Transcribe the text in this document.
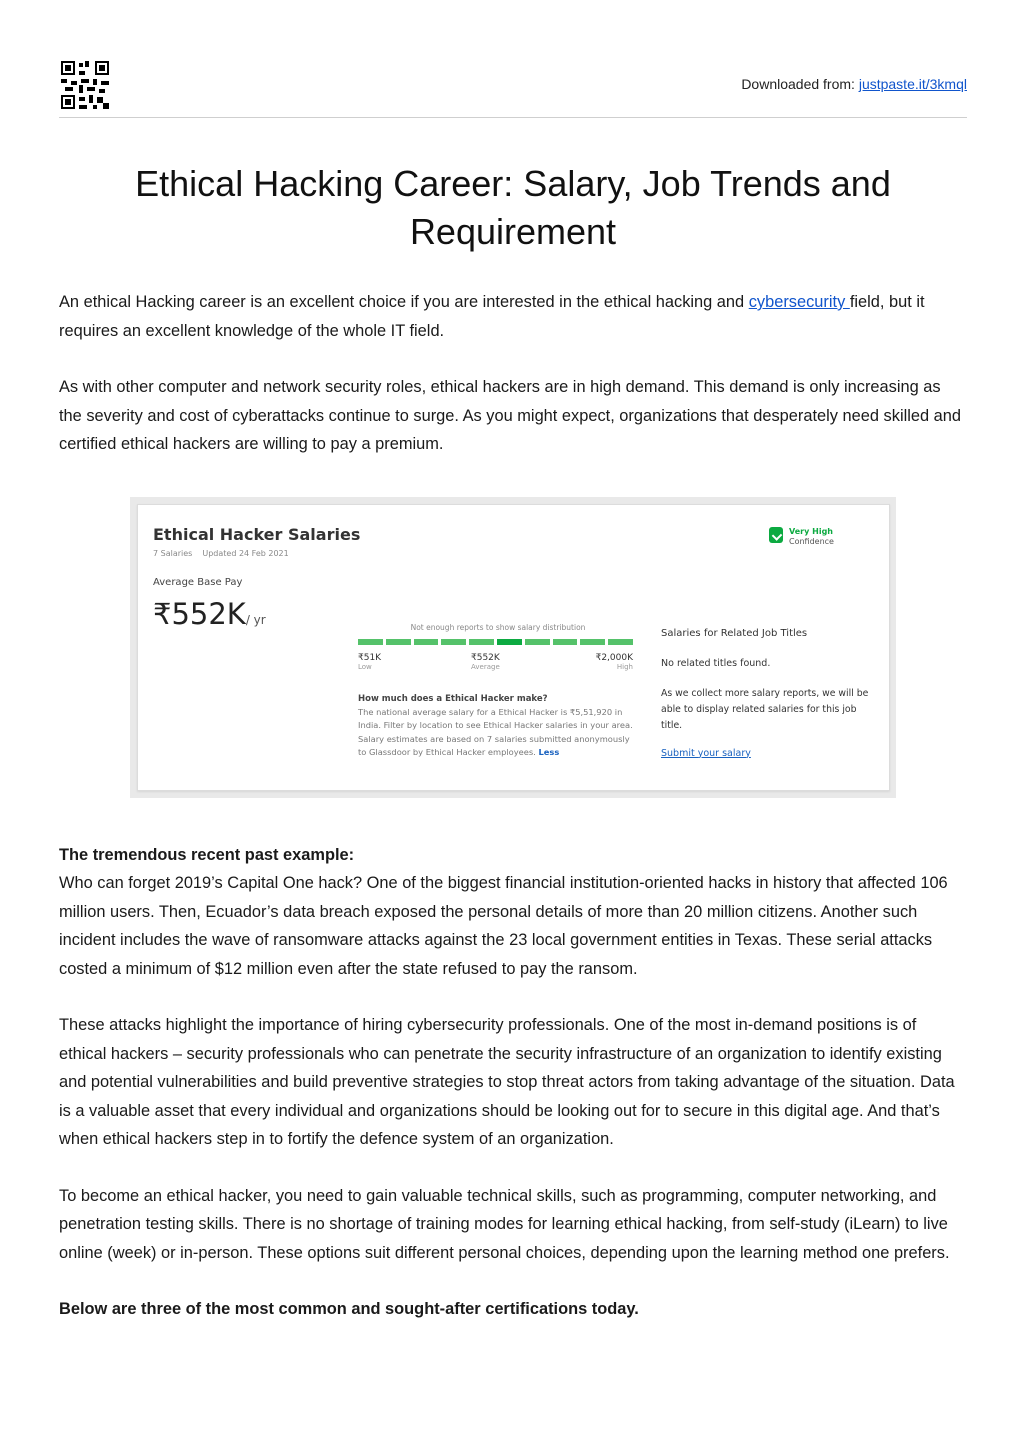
Downloaded from: justpaste.it/3kmql
Ethical Hacking Career: Salary, Job Trends and Requirement

An ethical Hacking career is an excellent choice if you are interested in the ethical hacking and cybersecurity field, but it requires an excellent knowledge of the whole IT field.

As with other computer and network security roles, ethical hackers are in high demand. This demand is only increasing as the severity and cost of cyberattacks continue to surge. As you might expect, organizations that desperately need skilled and certified ethical hackers are willing to pay a premium.

Ethical Hacker Salaries
7 Salaries Updated 24 Feb 2021
Average Base Pay
₹552K/ yr
Very High
Confidence
Not enough reports to show salary distribution
₹51K
Low
₹552K
Average
₹2,000K
High
How much does a Ethical Hacker make?
The national average salary for a Ethical Hacker is ₹5,51,920 in India. Filter by location to see Ethical Hacker salaries in your area. Salary estimates are based on 7 salaries submitted anonymously to Glassdoor by Ethical Hacker employees. Less
Salaries for Related Job Titles
No related titles found.
As we collect more salary reports, we will be able to display related salaries for this job title.
Submit your salary

The tremendous recent past example:
Who can forget 2019’s Capital One hack? One of the biggest financial institution-oriented hacks in history that affected 106 million users. Then, Ecuador’s data breach exposed the personal details of more than 20 million citizens. Another such incident includes the wave of ransomware attacks against the 23 local government entities in Texas. These serial attacks costed a minimum of $12 million even after the state refused to pay the ransom.

These attacks highlight the importance of hiring cybersecurity professionals. One of the most in-demand positions is of ethical hackers – security professionals who can penetrate the security infrastructure of an organization to identify existing and potential vulnerabilities and build preventive strategies to stop threat actors from taking advantage of the situation. Data is a valuable asset that every individual and organizations should be looking out for to secure in this digital age. And that’s when ethical hackers step in to fortify the defence system of an organization.

To become an ethical hacker, you need to gain valuable technical skills, such as programming, computer networking, and penetration testing skills. There is no shortage of training modes for learning ethical hacking, from self-study (iLearn) to live online (week) or in-person. These options suit different personal choices, depending upon the learning method one prefers.

Below are three of the most common and sought-after certifications today.
